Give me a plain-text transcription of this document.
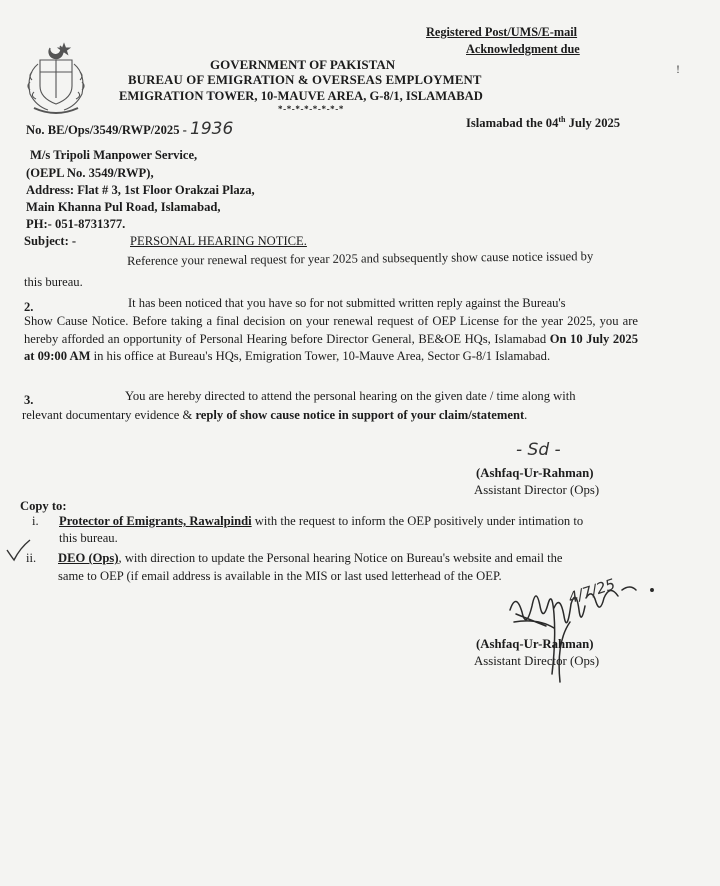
Registered Post/UMS/E-mail
Acknowledgment due
!
GOVERNMENT OF PAKISTAN
BUREAU OF EMIGRATION & OVERSEAS EMPLOYMENT
EMIGRATION TOWER, 10-MAUVE AREA, G-8/1, ISLAMABAD
*-*-*-*-*-*-*-*
No. BE/Ops/3549/RWP/2025 - 1936	Islamabad the 04th July 2025
M/s Tripoli Manpower Service,
(OEPL No. 3549/RWP),
Address: Flat # 3, 1st Floor Orakzai Plaza,
Main Khanna Pul Road, Islamabad,
PH:- 051-8731377.
Subject: -	PERSONAL HEARING NOTICE.
Reference your renewal request for year 2025 and subsequently show cause notice issued by
this bureau.
2.	It has been noticed that you have so for not submitted written reply against the Bureau's
Show Cause Notice. Before taking a final decision on your renewal request of OEP License for the year 2025, you are hereby afforded an opportunity of Personal Hearing before Director General, BE&OE HQs, Islamabad On 10 July 2025 at 09:00 AM in his office at Bureau's HQs, Emigration Tower, 10-Mauve Area, Sector G-8/1 Islamabad.
3.	You are hereby directed to attend the personal hearing on the given date / time along with
relevant documentary evidence & reply of show cause notice in support of your claim/statement.
- Sd -
(Ashfaq-Ur-Rahman)
Assistant Director (Ops)
Copy to:
i. Protector of Emigrants, Rawalpindi with the request to inform the OEP positively under intimation to
this bureau.
ii. DEO (Ops), with direction to update the Personal hearing Notice on Bureau's website and email the
same to OEP (if email address is available in the MIS or last used letterhead of the OEP.	4/7/25
(Ashfaq-Ur-Rahman)
Assistant Director (Ops)
